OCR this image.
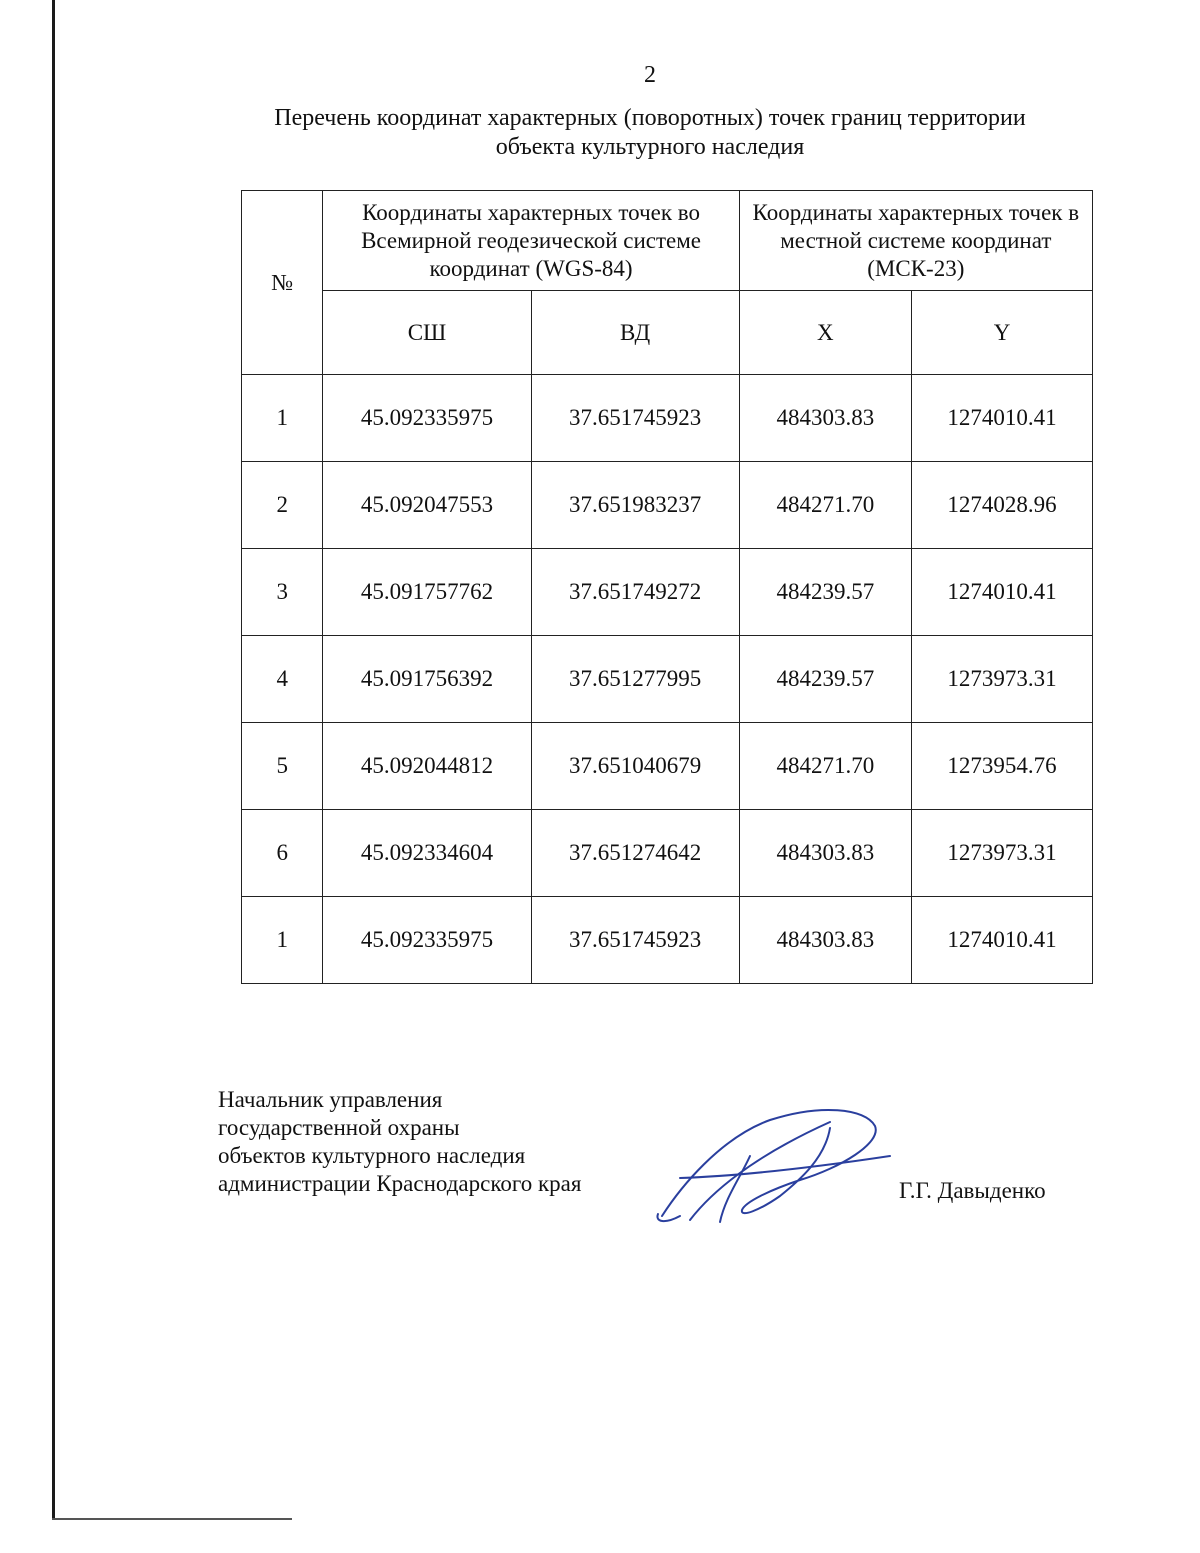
2
Перечень координат характерных (поворотных) точек границ территории
объекта культурного наследия
№	Координаты характерных точек во Всемирной геодезической системе координат (WGS-84)		Координаты характерных точек в местной системе координат (МСК-23)	
	СШ	ВД	X	Y
1	45.092335975	37.651745923	484303.83	1274010.41
2	45.092047553	37.651983237	484271.70	1274028.96
3	45.091757762	37.651749272	484239.57	1274010.41
4	45.091756392	37.651277995	484239.57	1273973.31
5	45.092044812	37.651040679	484271.70	1273954.76
6	45.092334604	37.651274642	484303.83	1273973.31
1	45.092335975	37.651745923	484303.83	1274010.41
Начальник управления
государственной охраны
объектов культурного наследия
администрации Краснодарского края	Г.Г. Давыденко
